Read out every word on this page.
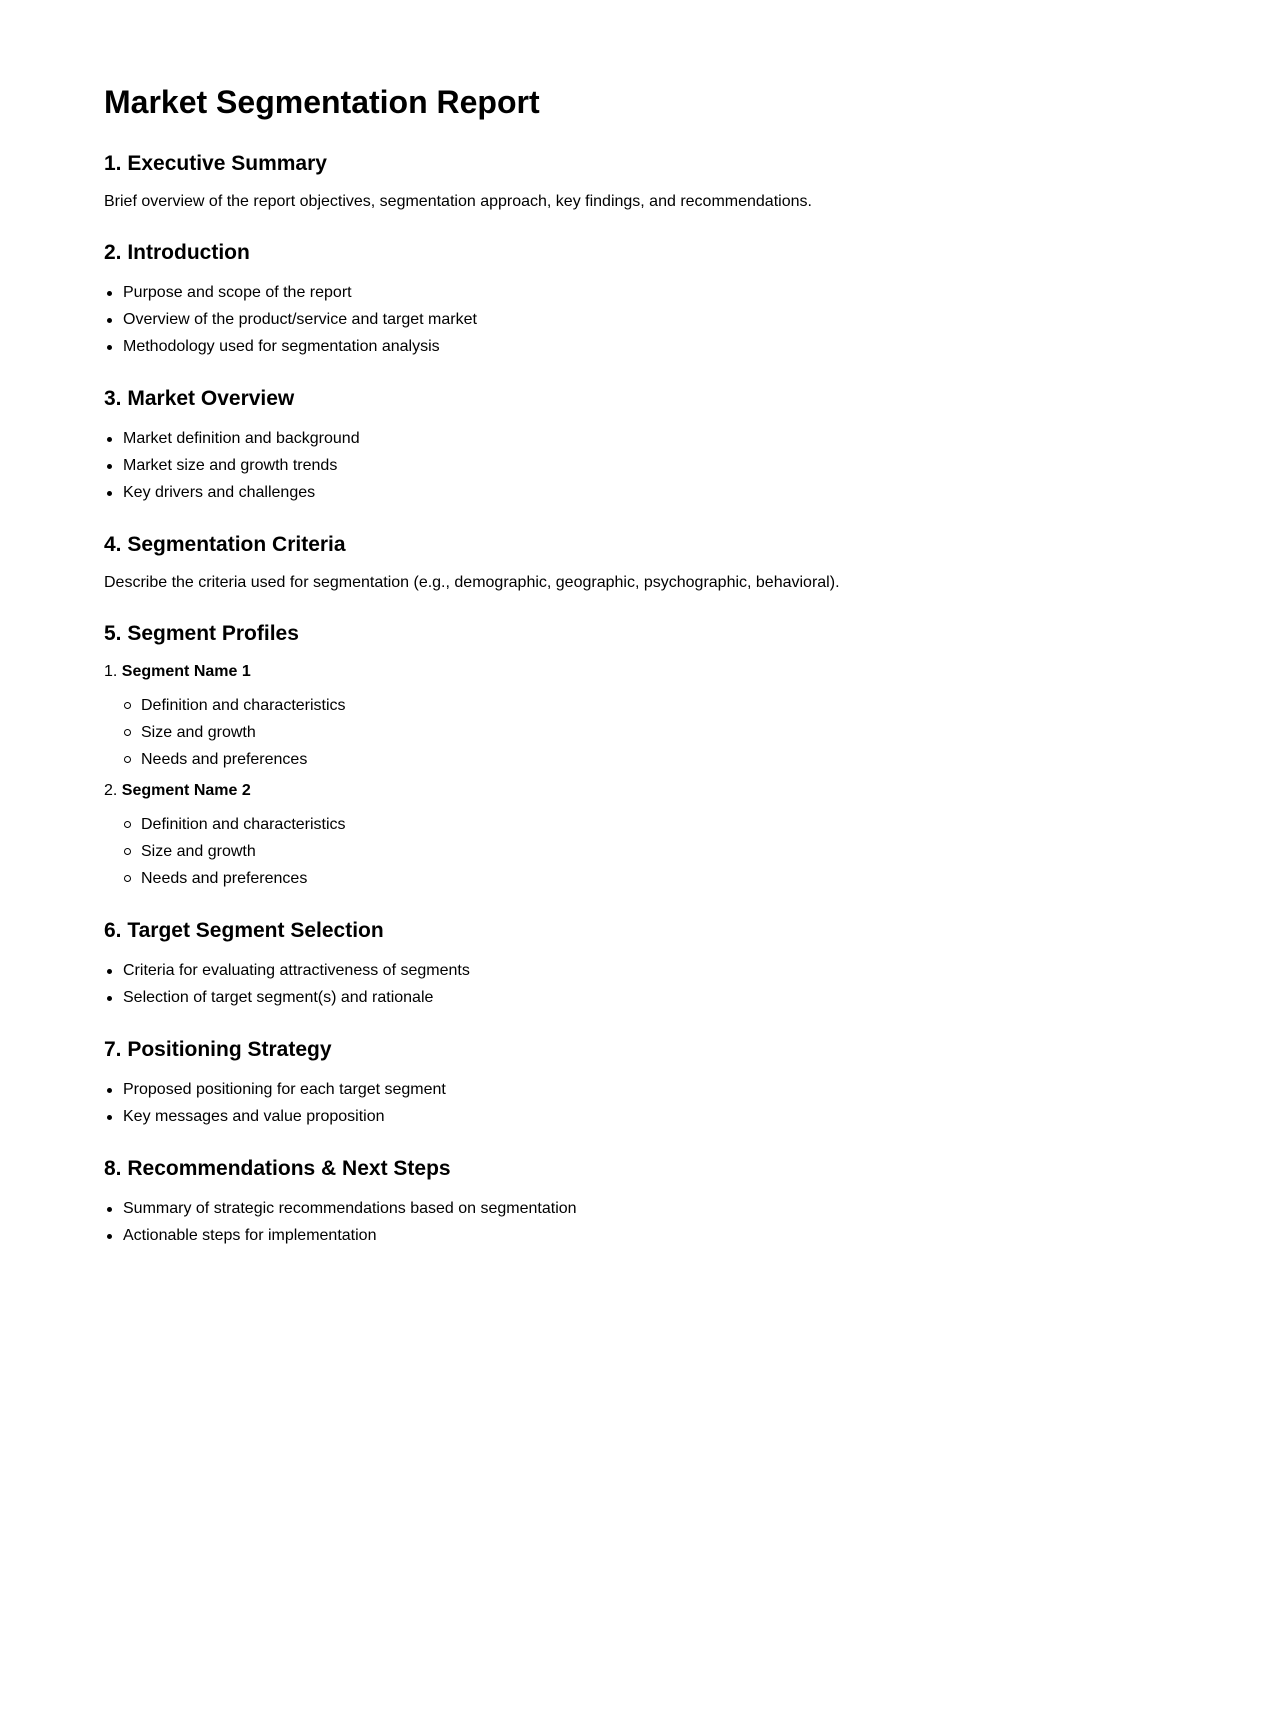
Market Segmentation Report
1. Executive Summary

Brief overview of the report objectives, segmentation approach, key findings, and recommendations.

2. Introduction
Purpose and scope of the report
Overview of the product/service and target market
Methodology used for segmentation analysis
3. Market Overview
Market definition and background
Market size and growth trends
Key drivers and challenges
4. Segmentation Criteria

Describe the criteria used for segmentation (e.g., demographic, geographic, psychographic, behavioral).

5. Segment Profiles
1. Segment Name 1
Definition and characteristics
Size and growth
Needs and preferences
2. Segment Name 2
Definition and characteristics
Size and growth
Needs and preferences
6. Target Segment Selection
Criteria for evaluating attractiveness of segments
Selection of target segment(s) and rationale
7. Positioning Strategy
Proposed positioning for each target segment
Key messages and value proposition
8. Recommendations & Next Steps
Summary of strategic recommendations based on segmentation
Actionable steps for implementation
